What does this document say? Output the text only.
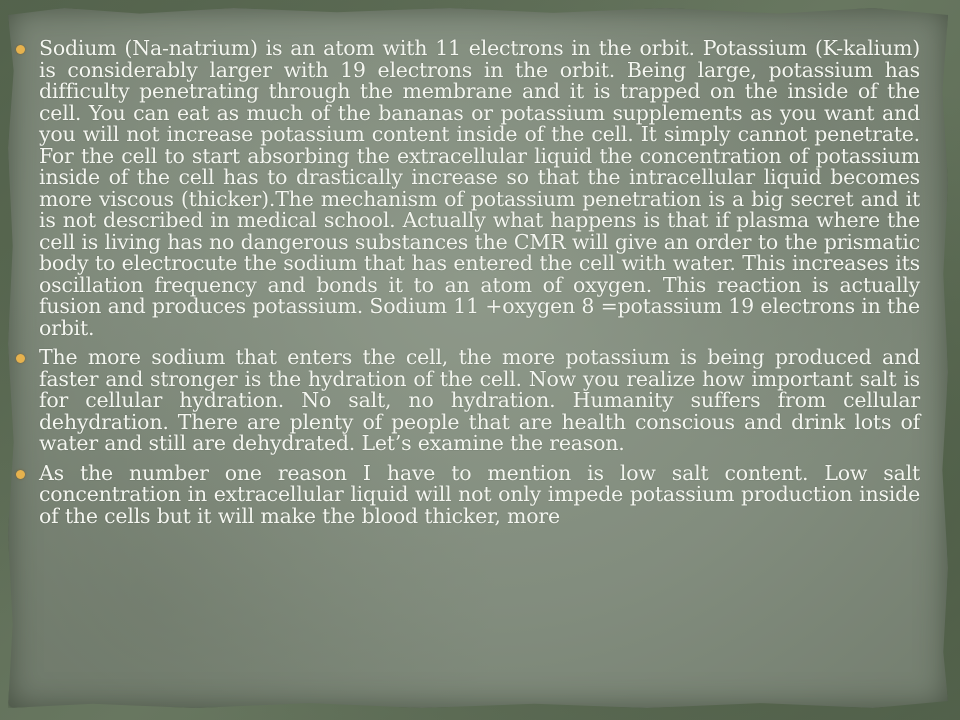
Sodium (Na-natrium) is an atom with 11 electrons in the orbit. Potassium (K-kalium) is considerably larger with 19 electrons in the orbit. Being large, potassium has difficulty penetrating through the membrane and it is trapped on the inside of the cell. You can eat as much of the bananas or potassium supplements as you want and you will not increase potassium content inside of the cell. It simply cannot penetrate. For the cell to start absorbing the extracellular liquid the concentration of potassium inside of the cell has to drastically increase so that the intracellular liquid becomes more viscous (thicker).The mechanism of potassium penetration is a big secret and it is not described in medical school. Actually what happens is that if plasma where the cell is living has no dangerous substances the CMR will give an order to the prismatic body to electrocute the sodium that has entered the cell with water. This increases its oscillation frequency and bonds it to an atom of oxygen. This reaction is actually fusion and produces potassium. Sodium 11 +oxygen 8 =potassium 19 electrons in the orbit.
The more sodium that enters the cell, the more potassium is being produced and faster and stronger is the hydration of the cell. Now you realize how important salt is for cellular hydration. No salt, no hydration. Humanity suffers from cellular dehydration. There are plenty of people that are health conscious and drink lots of water and still are dehydrated. Let’s examine the reason.
As the number one reason I have to mention is low salt content. Low salt concentration in extracellular liquid will not only impede potassium production inside of the cells but it will make the blood thicker, more
